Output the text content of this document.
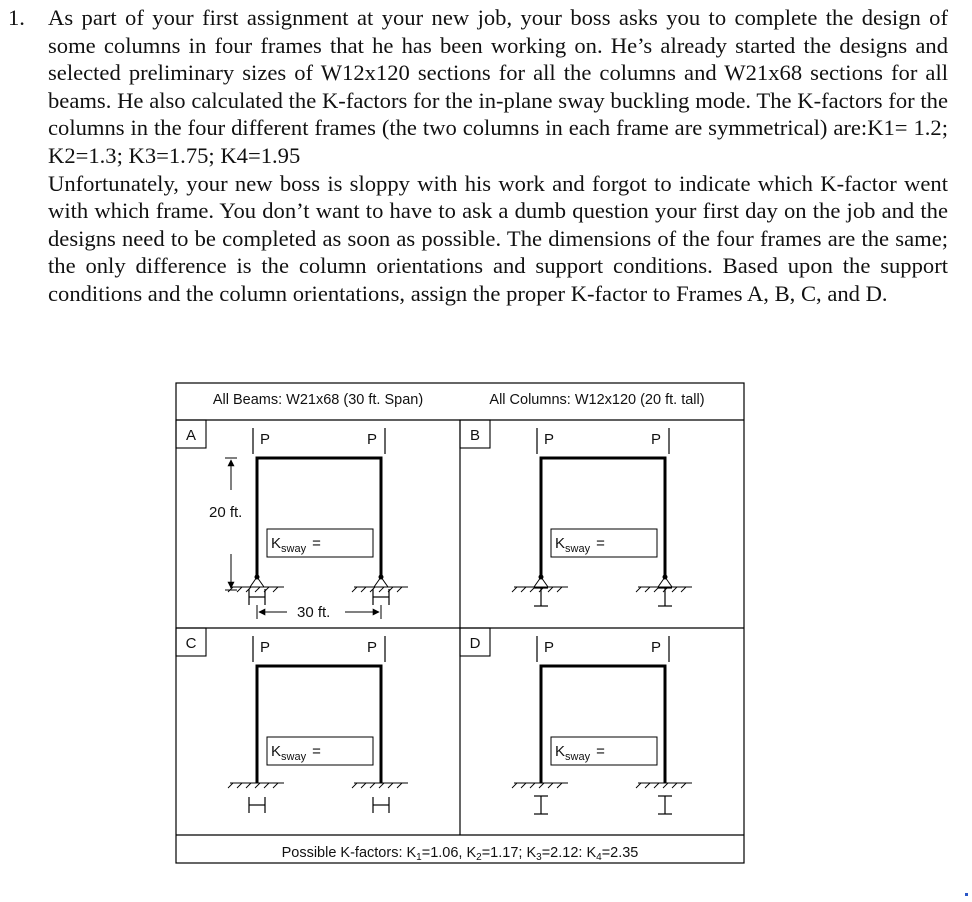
1. As part of your first assignment at your new job, your boss asks you to complete the design of some columns in four frames that he has been working on. He’s already started the designs and selected preliminary sizes of W12x120 sections for all the columns and W21x68 sections for all beams. He also calculated the K-factors for the in-plane sway buckling mode. The K-factors for the columns in the four different frames (the two columns in each frame are symmetrical) are:K1= 1.2; K2=1.3; K3=1.75; K4=1.95

Unfortunately, your new boss is sloppy with his work and forgot to indicate which K-factor went with which frame. You don’t want to have to ask a dumb question your first day on the job and the designs need to be completed as soon as possible. The dimensions of the four frames are the same; the only difference is the column orientations and support conditions. Based upon the support conditions and the column orientations, assign the proper K-factor to Frames A, B, C, and D.

All Beams: W21x68 (30 ft. Span)	All Columns: W12x120 (20 ft. tall)
Possible K-factors: $K_1=1.06$, $K_2=1.17$; $K_3=2.12$: $K_4=2.35$
A	P	P
$K_{sway}$ =
20 ft.
30 ft.
B	P	P
$K_{sway}$ =
C	P	P
$K_{sway}$ =
D	P	P
$K_{sway}$ =
